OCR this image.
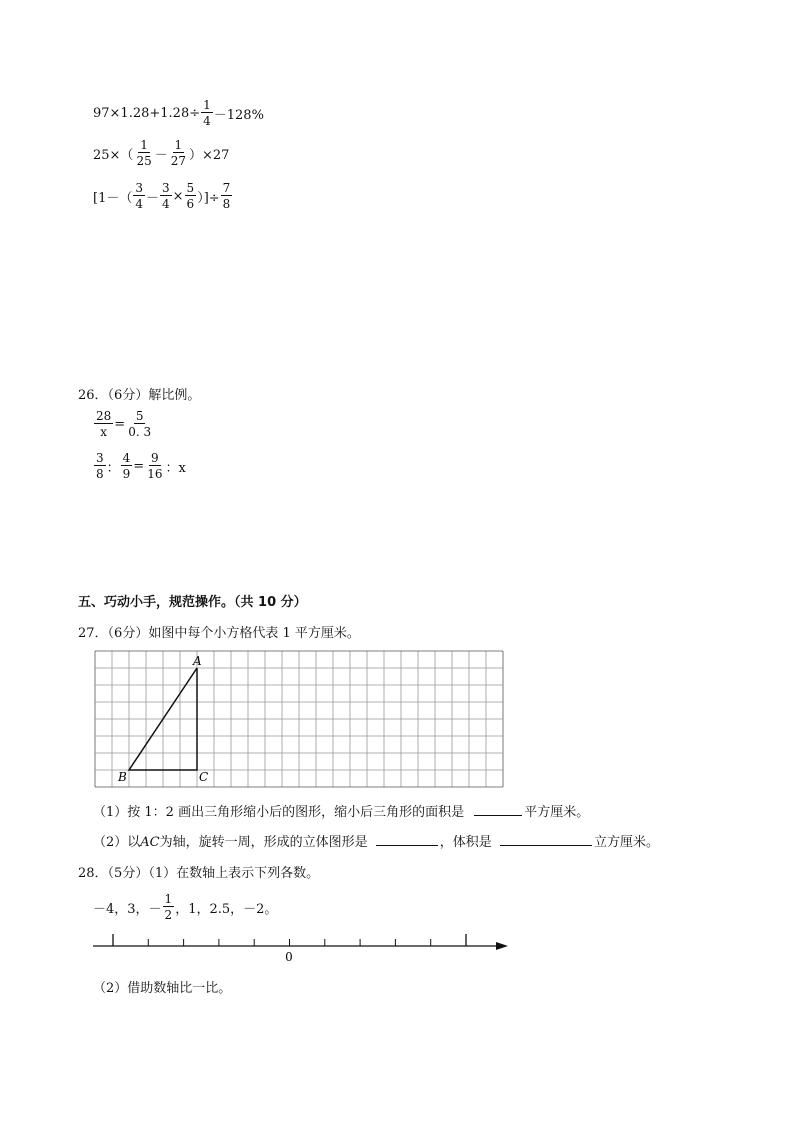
$97\times 1.28+1.28\div \frac{1}{4} -128\%$
$25\times( \frac{1}{25} - \frac{1}{27} )\times 27$
[$1-( \frac{3}{4} - \frac{3}{4} \times \frac{5}{6}$ ）]÷ $\frac{7}{8}$
26．（6分）解比例。
$\frac{28}{x} = \frac{5}{0. 3}$
$\frac{3}{8}$ ： $\frac{4}{9} = \frac{9}{16}$ ：x
五、巧动小手，规范操作。（共 10 分）
27．（6分）如图中每个小方格代表 1 平方厘米。
A
B	C
（1）按 1：2 画出三角形缩小后的图形，缩小后三角形的面积是	平方厘米。
（2）以AC为轴，旋转一周，形成的立体图形是	，体积是	立方厘米。
28．（5分）（1）在数轴上表示下列各数。
－4，3，－ $\frac{1}{2}$ ，1，2.5，－2。
0
（2）借助数轴比一比。
